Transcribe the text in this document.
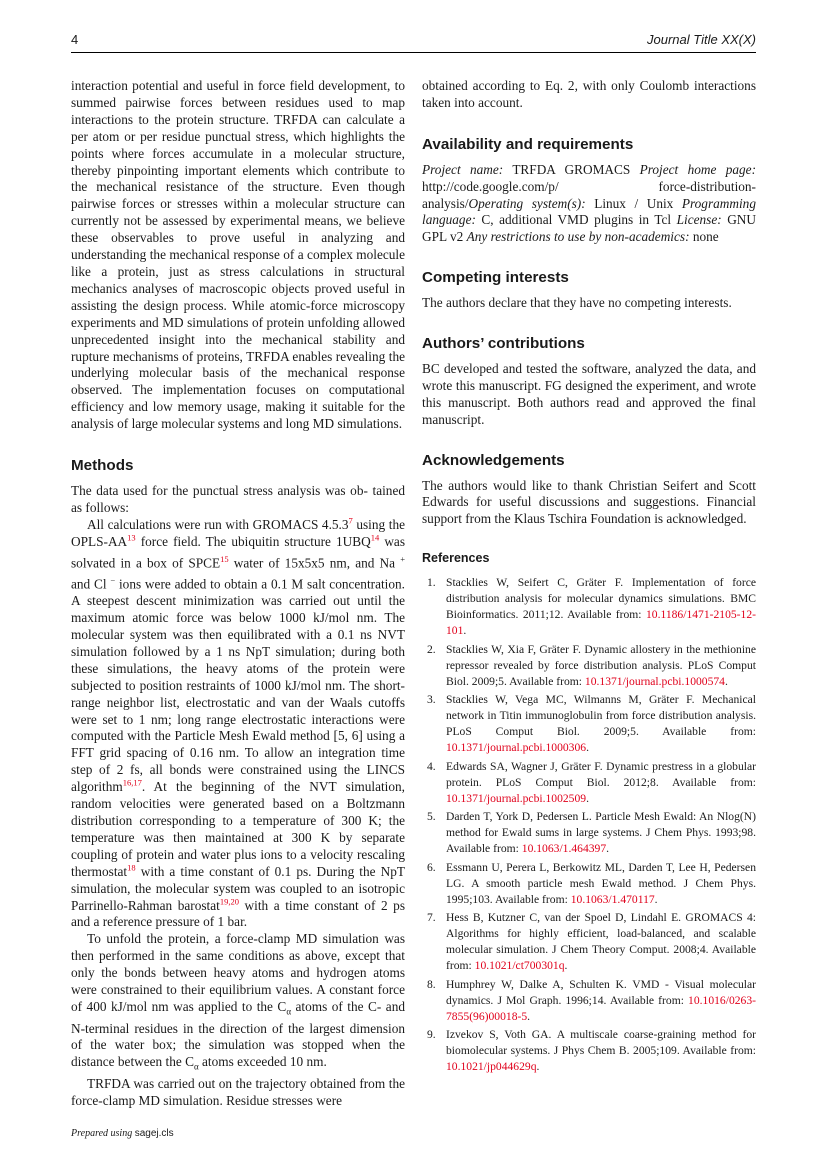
4	Journal Title XX(X)

interaction potential and useful in force field development, to summed pairwise forces between residues used to map interactions to the protein structure. TRFDA can calculate a per atom or per residue punctual stress, which highlights the points where forces accumulate in a molecular structure, thereby pinpointing important elements which contribute to the mechanical resistance of the structure. Even though pairwise forces or stresses within a molecular structure can currently not be assessed by experimental means, we believe these observables to prove useful in analyzing and understanding the mechanical response of a complex molecule like a protein, just as stress calculations in structural mechanics analyses of macroscopic objects proved useful in assisting the design process. While atomic-force microscopy experiments and MD simulations of protein unfolding allowed unprecedented insight into the mechanical stability and rupture mechanisms of proteins, TRFDA enables revealing the underlying molecular basis of the mechanical response observed. The implementation focuses on computational efficiency and low memory usage, making it suitable for the analysis of large molecular systems and long MD simulations.

Methods

The data used for the punctual stress analysis was ob- tained as follows:

All calculations were run with GROMACS 4.5.3$^7$ using the OPLS-AA$^{13}$ force field. The ubiquitin structure 1UBQ$^{14}$ was solvated in a box of SPCE$^{15}$ water of 15x5x5 nm, and Na + and Cl − ions were added to obtain a 0.1 M salt concentration. A steepest descent minimization was carried out until the maximum atomic force was below 1000 kJ/mol nm. The molecular system was then equilibrated with a 0.1 ns NVT simulation followed by a 1 ns NpT simulation; during both these simulations, the heavy atoms of the protein were subjected to position restraints of 1000 kJ/mol nm. The short-range neighbor list, electrostatic and van der Waals cutoffs were set to 1 nm; long range electrostatic interactions were computed with the Particle Mesh Ewald method [5, 6] using a FFT grid spacing of 0.16 nm. To allow an integration time step of 2 fs, all bonds were constrained using the LINCS algorithm$^{16,17}$. At the beginning of the NVT simulation, random velocities were generated based on a Boltzmann distribution corresponding to a temperature of 300 K; the temperature was then maintained at 300 K by separate coupling of protein and water plus ions to a velocity rescaling thermostat$^{18}$ with a time constant of 0.1 ps. During the NpT simulation, the molecular system was coupled to an isotropic Parrinello-Rahman barostat$^{19,20}$ with a time constant of 2 ps and a reference pressure of 1 bar.

To unfold the protein, a force-clamp MD simulation was then performed in the same conditions as above, except that only the bonds between heavy atoms and hydrogen atoms were constrained to their equilibrium values. A constant force of 400 kJ/mol nm was applied to the $C_\alpha$ atoms of the C- and N-terminal residues in the direction of the largest dimension of the water box; the simulation was stopped when the distance between the $C_\alpha$ atoms exceeded 10 nm.

TRFDA was carried out on the trajectory obtained from the force-clamp MD simulation. Residue stresses were

obtained according to Eq. 2, with only Coulomb interactions taken into account.

Availability and requirements

Project name: TRFDA GROMACS Project home page: http://code.google.com/p/ force-distribution-analysis/Operating system(s): Linux / Unix Programming language: C, additional VMD plugins in Tcl License: GNU GPL v2 Any restrictions to use by non-academics: none

Competing interests

The authors declare that they have no competing interests.

Authors’ contributions

BC developed and tested the software, analyzed the data, and wrote this manuscript. FG designed the experiment, and wrote this manuscript. Both authors read and approved the final manuscript.

Acknowledgements

The authors would like to thank Christian Seifert and Scott Edwards for useful discussions and suggestions. Financial support from the Klaus Tschira Foundation is acknowledged.

References
1. Stacklies W, Seifert C, Gräter F. Implementation of force distribution analysis for molecular dynamics simulations. BMC Bioinformatics. 2011;12. Available from: 10.1186/1471-2105-12-101.
2. Stacklies W, Xia F, Gräter F. Dynamic allostery in the methionine repressor revealed by force distribution analysis. PLoS Comput Biol. 2009;5. Available from: 10.1371/journal.pcbi.1000574.
3. Stacklies W, Vega MC, Wilmanns M, Gräter F. Mechanical network in Titin immunoglobulin from force distribution analysis. PLoS Comput Biol. 2009;5. Available from: 10.1371/journal.pcbi.1000306.
4. Edwards SA, Wagner J, Gräter F. Dynamic prestress in a globular protein. PLoS Comput Biol. 2012;8. Available from: 10.1371/journal.pcbi.1002509.
5. Darden T, York D, Pedersen L. Particle Mesh Ewald: An Nlog(N) method for Ewald sums in large systems. J Chem Phys. 1993;98. Available from: 10.1063/1.464397.
6. Essmann U, Perera L, Berkowitz ML, Darden T, Lee H, Pedersen LG. A smooth particle mesh Ewald method. J Chem Phys. 1995;103. Available from: 10.1063/1.470117.
7. Hess B, Kutzner C, van der Spoel D, Lindahl E. GROMACS 4: Algorithms for highly efficient, load-balanced, and scalable molecular simulation. J Chem Theory Comput. 2008;4. Available from: 10.1021/ct700301q.
8. Humphrey W, Dalke A, Schulten K. VMD - Visual molecular dynamics. J Mol Graph. 1996;14. Available from: 10.1016/0263-7855(96)00018-5.
9. Izvekov S, Voth GA. A multiscale coarse-graining method for biomolecular systems. J Phys Chem B. 2005;109. Available from: 10.1021/jp044629q.
Prepared using sagej.cls
